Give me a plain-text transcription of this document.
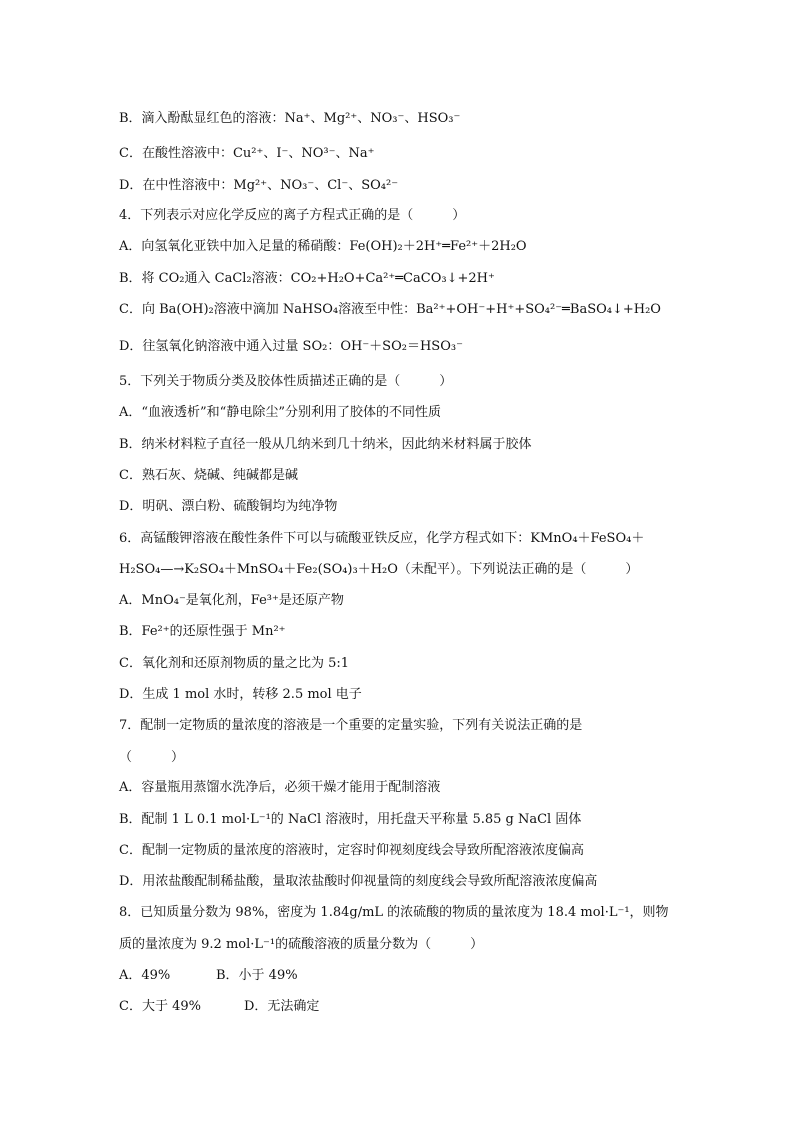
B．滴入酚酞显红色的溶液：Na⁺、Mg²⁺、NO₃⁻、HSO₃⁻
C．在酸性溶液中：Cu²⁺、I⁻、NO³⁻、Na⁺
D．在中性溶液中：Mg²⁺、NO₃⁻、Cl⁻、SO₄²⁻
4．下列表示对应化学反应的离子方程式正确的是（　　　）
A．向氢氧化亚铁中加入足量的稀硝酸：Fe(OH)₂＋2H⁺═Fe²⁺＋2H₂O
B．将 CO₂通入 CaCl₂溶液：CO₂+H₂O+Ca²⁺═CaCO₃↓+2H⁺
C．向 Ba(OH)₂溶液中滴加 NaHSO₄溶液至中性：Ba²⁺+OH⁻+H⁺+SO₄²⁻═BaSO₄↓+H₂O
D．往氢氧化钠溶液中通入过量 SO₂：OH⁻＋SO₂＝HSO₃⁻
5．下列关于物质分类及胶体性质描述正确的是（　　　）
A．“血液透析”和“静电除尘”分别利用了胶体的不同性质
B．纳米材料粒子直径一般从几纳米到几十纳米，因此纳米材料属于胶体
C．熟石灰、烧碱、纯碱都是碱
D．明矾、漂白粉、硫酸铜均为纯净物
6．高锰酸钾溶液在酸性条件下可以与硫酸亚铁反应，化学方程式如下：KMnO₄＋FeSO₄＋
H₂SO₄—→K₂SO₄＋MnSO₄＋Fe₂(SO₄)₃＋H₂O（未配平）。下列说法正确的是（　　　）
A．MnO₄⁻是氧化剂，Fe³⁺是还原产物
B．Fe²⁺的还原性强于 Mn²⁺
C．氧化剂和还原剂物质的量之比为 5:1
D．生成 1 mol 水时，转移 2.5 mol 电子
7．配制一定物质的量浓度的溶液是一个重要的定量实验，下列有关说法正确的是
（　　　）
A．容量瓶用蒸馏水洗净后，必须干燥才能用于配制溶液
B．配制 1 L 0.1 mol·L⁻¹的 NaCl 溶液时，用托盘天平称量 5.85 g NaCl 固体
C．配制一定物质的量浓度的溶液时，定容时仰视刻度线会导致所配溶液浓度偏高
D．用浓盐酸配制稀盐酸，量取浓盐酸时仰视量筒的刻度线会导致所配溶液浓度偏高
8．已知质量分数为 98%，密度为 1.84g/mL 的浓硫酸的物质的量浓度为 18.4 mol·L⁻¹，则物
质的量浓度为 9.2 mol·L⁻¹的硫酸溶液的质量分数为（　　　）
A．49%	B．小于 49%
C．大于 49%	D．无法确定
